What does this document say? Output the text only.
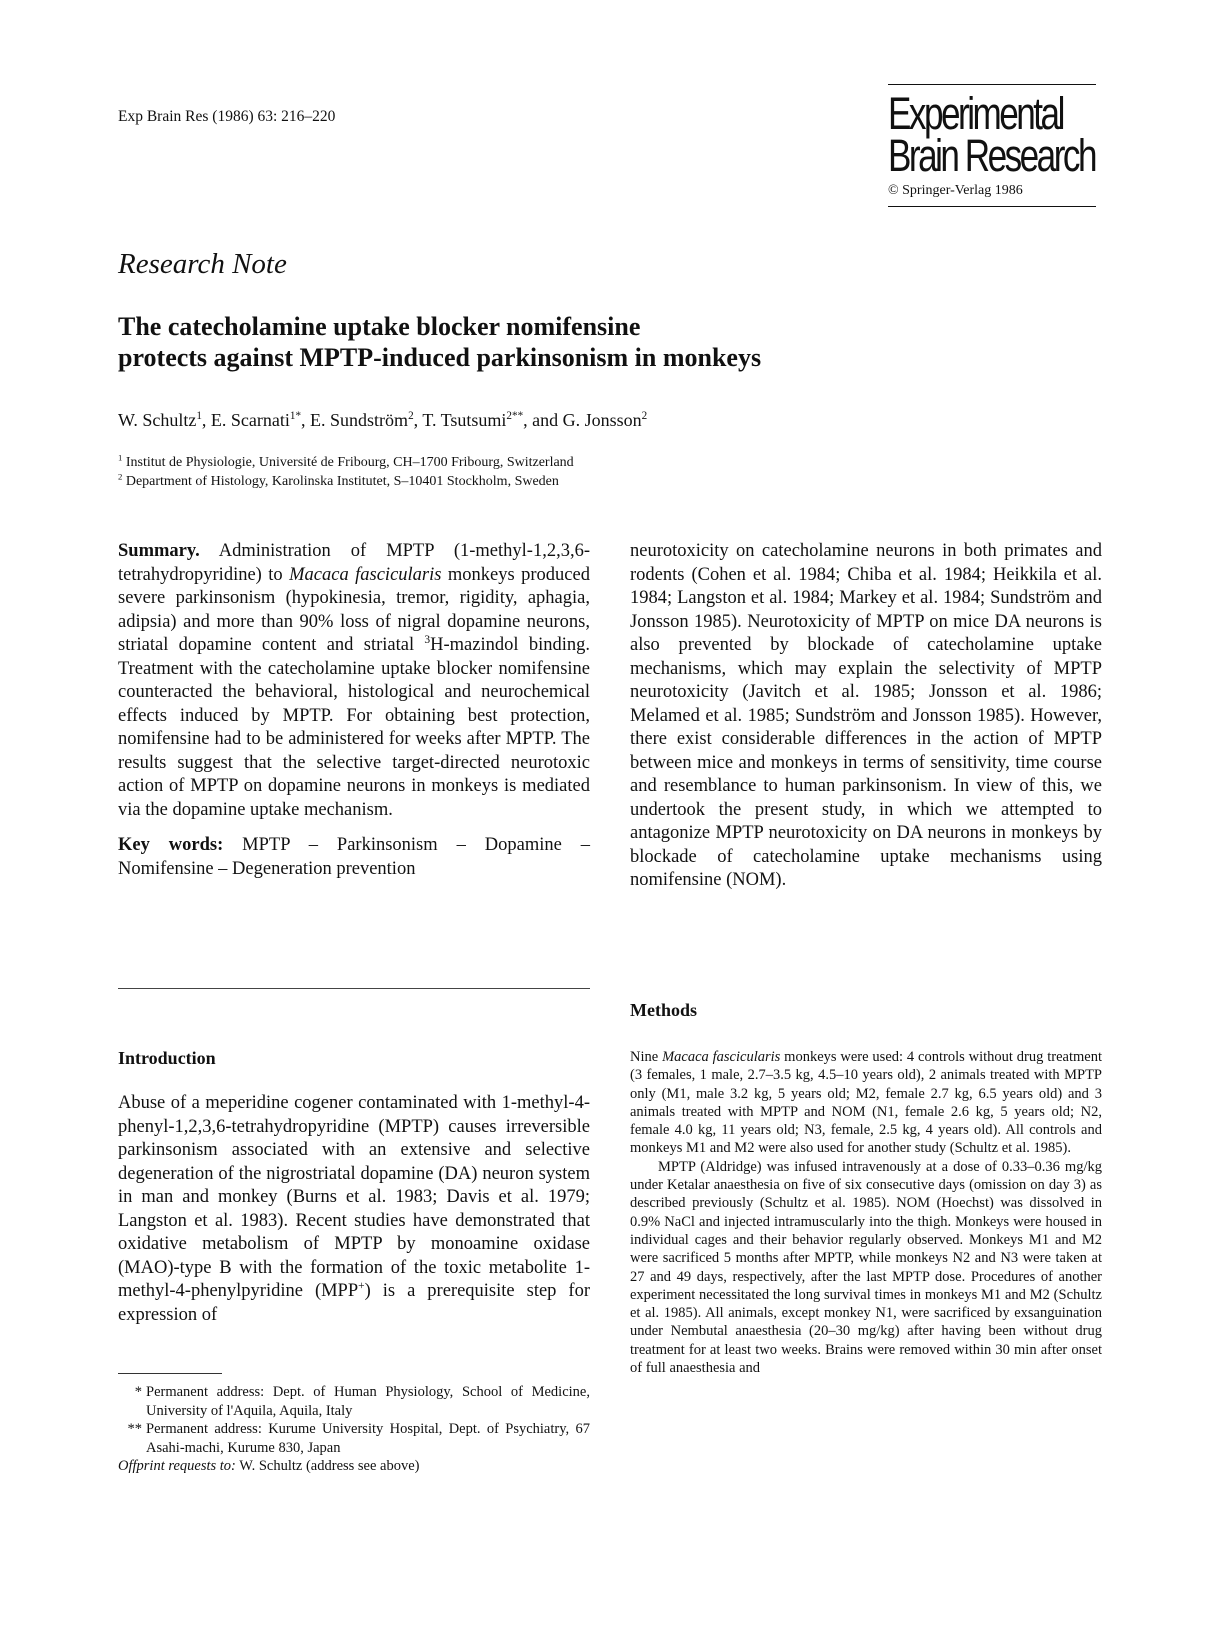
Exp Brain Res (1986) 63: 216–220	Experimental
Brain Research
© Springer-Verlag 1986
Research Note
The catecholamine uptake blocker nomifensine
protects against MPTP-induced parkinsonism in monkeys
W. Schultz$^1$, E. Scarnati$^{1*}$, E. Sundström$^2$, T. Tsutsumi$^{2**}$, and G. Jonsson$^2$
$^1$ Institut de Physiologie, Université de Fribourg, CH–1700 Fribourg, Switzerland
$^2$ Department of Histology, Karolinska Institutet, S–10401 Stockholm, Sweden

Summary. Administration of MPTP (1-methyl-1,2,3,6-tetrahydropyridine) to Macaca fascicularis monkeys produced severe parkinsonism (hypokinesia, tremor, rigidity, aphagia, adipsia) and more than 90% loss of nigral dopamine neurons, striatal dopamine content and striatal $^3$H-mazindol binding. Treatment with the catecholamine uptake blocker nomifensine counteracted the behavioral, histological and neurochemical effects induced by MPTP. For obtaining best protection, nomifensine had to be administered for weeks after MPTP. The results suggest that the selective target-directed neurotoxic action of MPTP on dopamine neurons in monkeys is mediated via the dopamine uptake mechanism.

Key words: MPTP – Parkinsonism – Dopamine – Nomifensine – Degeneration prevention

Introduction
Abuse of a meperidine cogener contaminated with 1-methyl-4-phenyl-1,2,3,6-tetrahydropyridine (MPTP) causes irreversible parkinsonism associated with an extensive and selective degeneration of the nigrostriatal dopamine (DA) neuron system in man and monkey (Burns et al. 1983; Davis et al. 1979; Langston et al. 1983). Recent studies have demonstrated that oxidative metabolism of MPTP by monoamine oxidase (MAO)-type B with the formation of the toxic metabolite 1-methyl-4-phenylpyridine (MPP+) is a prerequisite step for expression of
* Permanent address: Dept. of Human Physiology, School of Medicine, University of l'Aquila, Aquila, Italy
** Permanent address: Kurume University Hospital, Dept. of Psychiatry, 67 Asahi-machi, Kurume 830, Japan
Offprint requests to: W. Schultz (address see above)
neurotoxicity on catecholamine neurons in both primates and rodents (Cohen et al. 1984; Chiba et al. 1984; Heikkila et al. 1984; Langston et al. 1984; Markey et al. 1984; Sundström and Jonsson 1985). Neurotoxicity of MPTP on mice DA neurons is also prevented by blockade of catecholamine uptake mechanisms, which may explain the selectivity of MPTP neurotoxicity (Javitch et al. 1985; Jonsson et al. 1986; Melamed et al. 1985; Sundström and Jonsson 1985). However, there exist considerable differences in the action of MPTP between mice and monkeys in terms of sensitivity, time course and resemblance to human parkinsonism. In view of this, we undertook the present study, in which we attempted to antagonize MPTP neurotoxicity on DA neurons in monkeys by blockade of catecholamine uptake mechanisms using nomifensine (NOM).
Methods

Nine Macaca fascicularis monkeys were used: 4 controls without drug treatment (3 females, 1 male, 2.7–3.5 kg, 4.5–10 years old), 2 animals treated with MPTP only (M1, male 3.2 kg, 5 years old; M2, female 2.7 kg, 6.5 years old) and 3 animals treated with MPTP and NOM (N1, female 2.6 kg, 5 years old; N2, female 4.0 kg, 11 years old; N3, female, 2.5 kg, 4 years old). All controls and monkeys M1 and M2 were also used for another study (Schultz et al. 1985).

MPTP (Aldridge) was infused intravenously at a dose of 0.33–0.36 mg/kg under Ketalar anaesthesia on five of six consecutive days (omission on day 3) as described previously (Schultz et al. 1985). NOM (Hoechst) was dissolved in 0.9% NaCl and injected intramuscularly into the thigh. Monkeys were housed in individual cages and their behavior regularly observed. Monkeys M1 and M2 were sacrificed 5 months after MPTP, while monkeys N2 and N3 were taken at 27 and 49 days, respectively, after the last MPTP dose. Procedures of another experiment necessitated the long survival times in monkeys M1 and M2 (Schultz et al. 1985). All animals, except monkey N1, were sacrificed by exsanguination under Nembutal anaesthesia (20–30 mg/kg) after having been without drug treatment for at least two weeks. Brains were removed within 30 min after onset of full anaesthesia and
